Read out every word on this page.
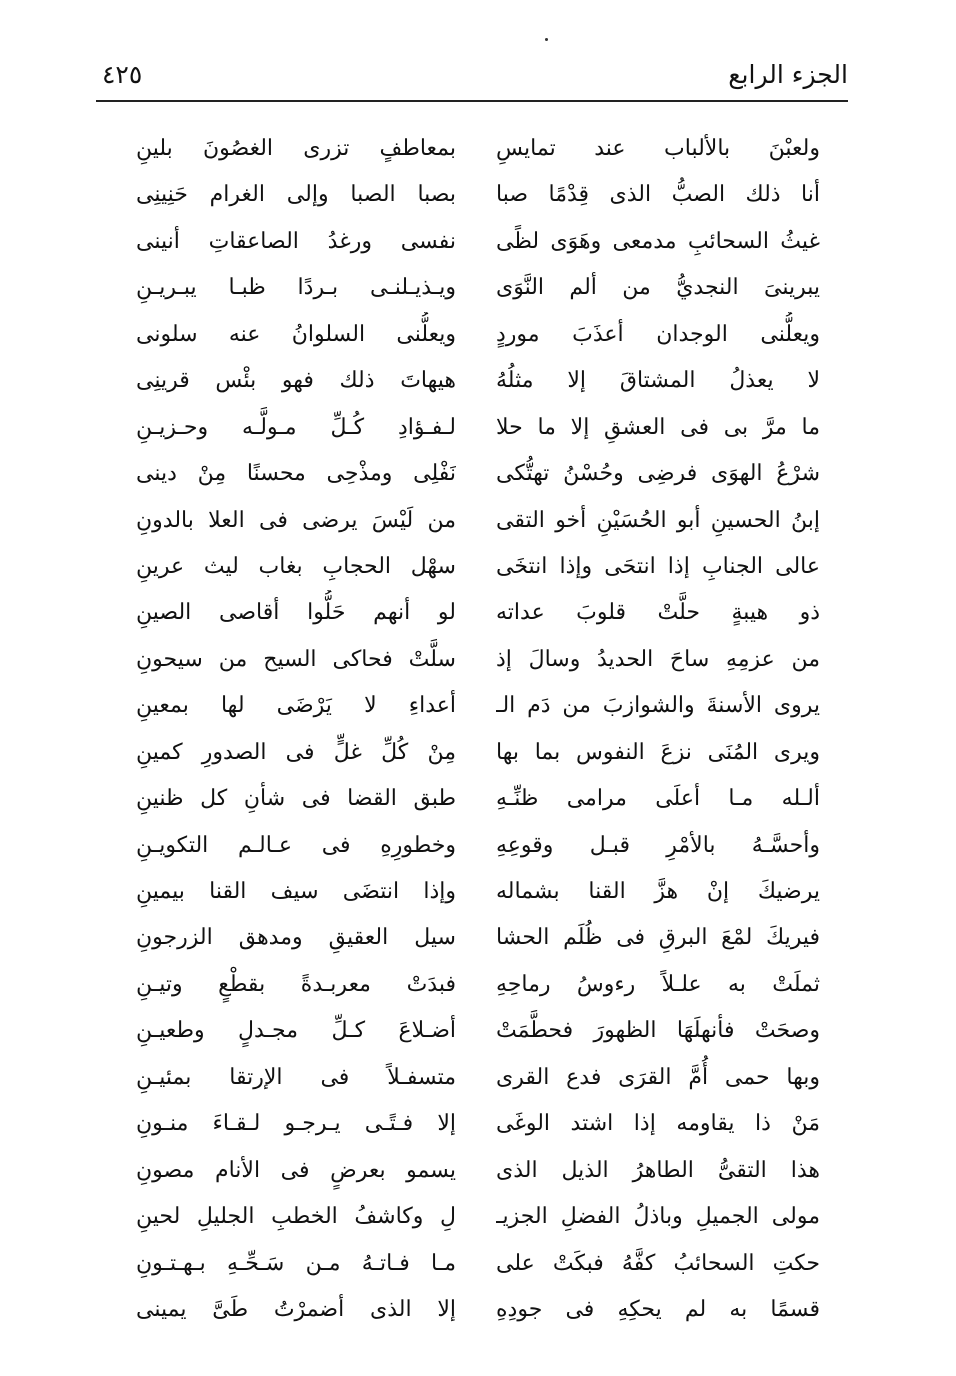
الجزء الرابع
٤٢٥
ولعبْنَ بالألباب عند تمايسِ
أنا ذلك الصبُّ الذى قِدْمًا صبا
غيثُ السحائبِ مدمعى وهَوَى لظًى
يبرينىَ النجديُّ من ألم النَّوَى
ويعلُّنى الوجدان أعذَبَ موردٍ
لا يعذلُ المشتاقَ إلا مثلُهُ
ما مرَّ بى فى العشقِ إلا ما حلا
شرْعُ الهوَى فرضِى وحُسْنُ تهتُّكى
إبنُ الحسينِ أبو الحُسَيْنِ أخو التقى
عالى الجنابِ إذا انتحَى وإذا انتخَى
ذو هيبةٍ حلَّتْ قلوبَ عداته
من عزمِهِ ساحَ الحديدُ وسالَ إذ
يروى الأسنةَ والشوازبَ من دَم الـ
ويرى المُنَى نزعَ النفوس بما بها
ألـله مـا أعلَى مرامى ظنِّـهِ
وأحسَّـهُ بالأمْرِ قبـل وقوعِهِ
يرضيكَ إنْ هزَّ القنا بشماله
فيريكَ لمْعَ البرقِ فى ظُلَم الحشا
ثملَتْ به علـلاً رءوسُ رماحِهِ
وصحَتْ فأنهلَهَا الظهورَ فحطَّمَتْ
وبها حمى أُمَّ القرَى فدع القرى
مَنْ ذا يقاومه إذا اشتد الوغَى
هذا التقىُّ الطاهرُ الذيل الذى
مولى الجميلِ وباذلُ الفضلِ الجزيـ
حكتِ السحائبُ كفَّهُ فبكَتْ على
قسمًا به لم يحكِهِ فى جودِهِ
بمعاطفٍ تزرى الغصُونَ بلينِ
بصبا الصبا وإلى الغرام حَنِينِى
نفسى ورغدُ الصاعقاتِ أنينى
ويـذيـلنـى بـردًا ظبـا يبـريـنِ
ويعلُّنى السلوانُ عنه سلونى
هيهاتَ ذلك فهو بئْس قرينِى
لـفـؤادِ كُـلِّ مـولَّـه وحـزيـنِ
نَفْلِى ومذْحِى محسنًا مِنْ دينى
من لَيْسَ يرضى فى العلا بالدونِ
سهْل الحجابِ بغاب ليث عرينِ
لو أنهم حَلُّوا أقاصى الصينِ
سلَّتْ فحاكى السيح من سيحونِ
أعداءِ لا يَرْضَى لها بمعينِ
مِنْ كُلِّ غلٍّ فى الصدورِ كمينِ
طبق القضا فى شأنِ كل ظنينِ
وخطورِهِ فى عـالـم التكويـنِ
وإذا انتضَى سيف القنا بيمينِ
سيل العقيقِ ومدهق الزرجونِ
فبدَتْ معربـدةً بقطْعٍ وتيـنِ
أضـلاعَ كـلِّ مجـدلٍ وطعيـنِ
متسفـلاً فى الإرتقا بمئيـنِ
إلا فـتًـى يـرجـو لـقـاءَ منـونِ
يسمو بعرضٍ فى الأنام مصونِ
لِ وكاشفُ الخطبِ الجليلِ لحينِ
مـا فـاتـهُ مـن سَـحِّـهِ بـهـتـونِ
إلا الذى أضمرْتُ طَىَّ يمينى
